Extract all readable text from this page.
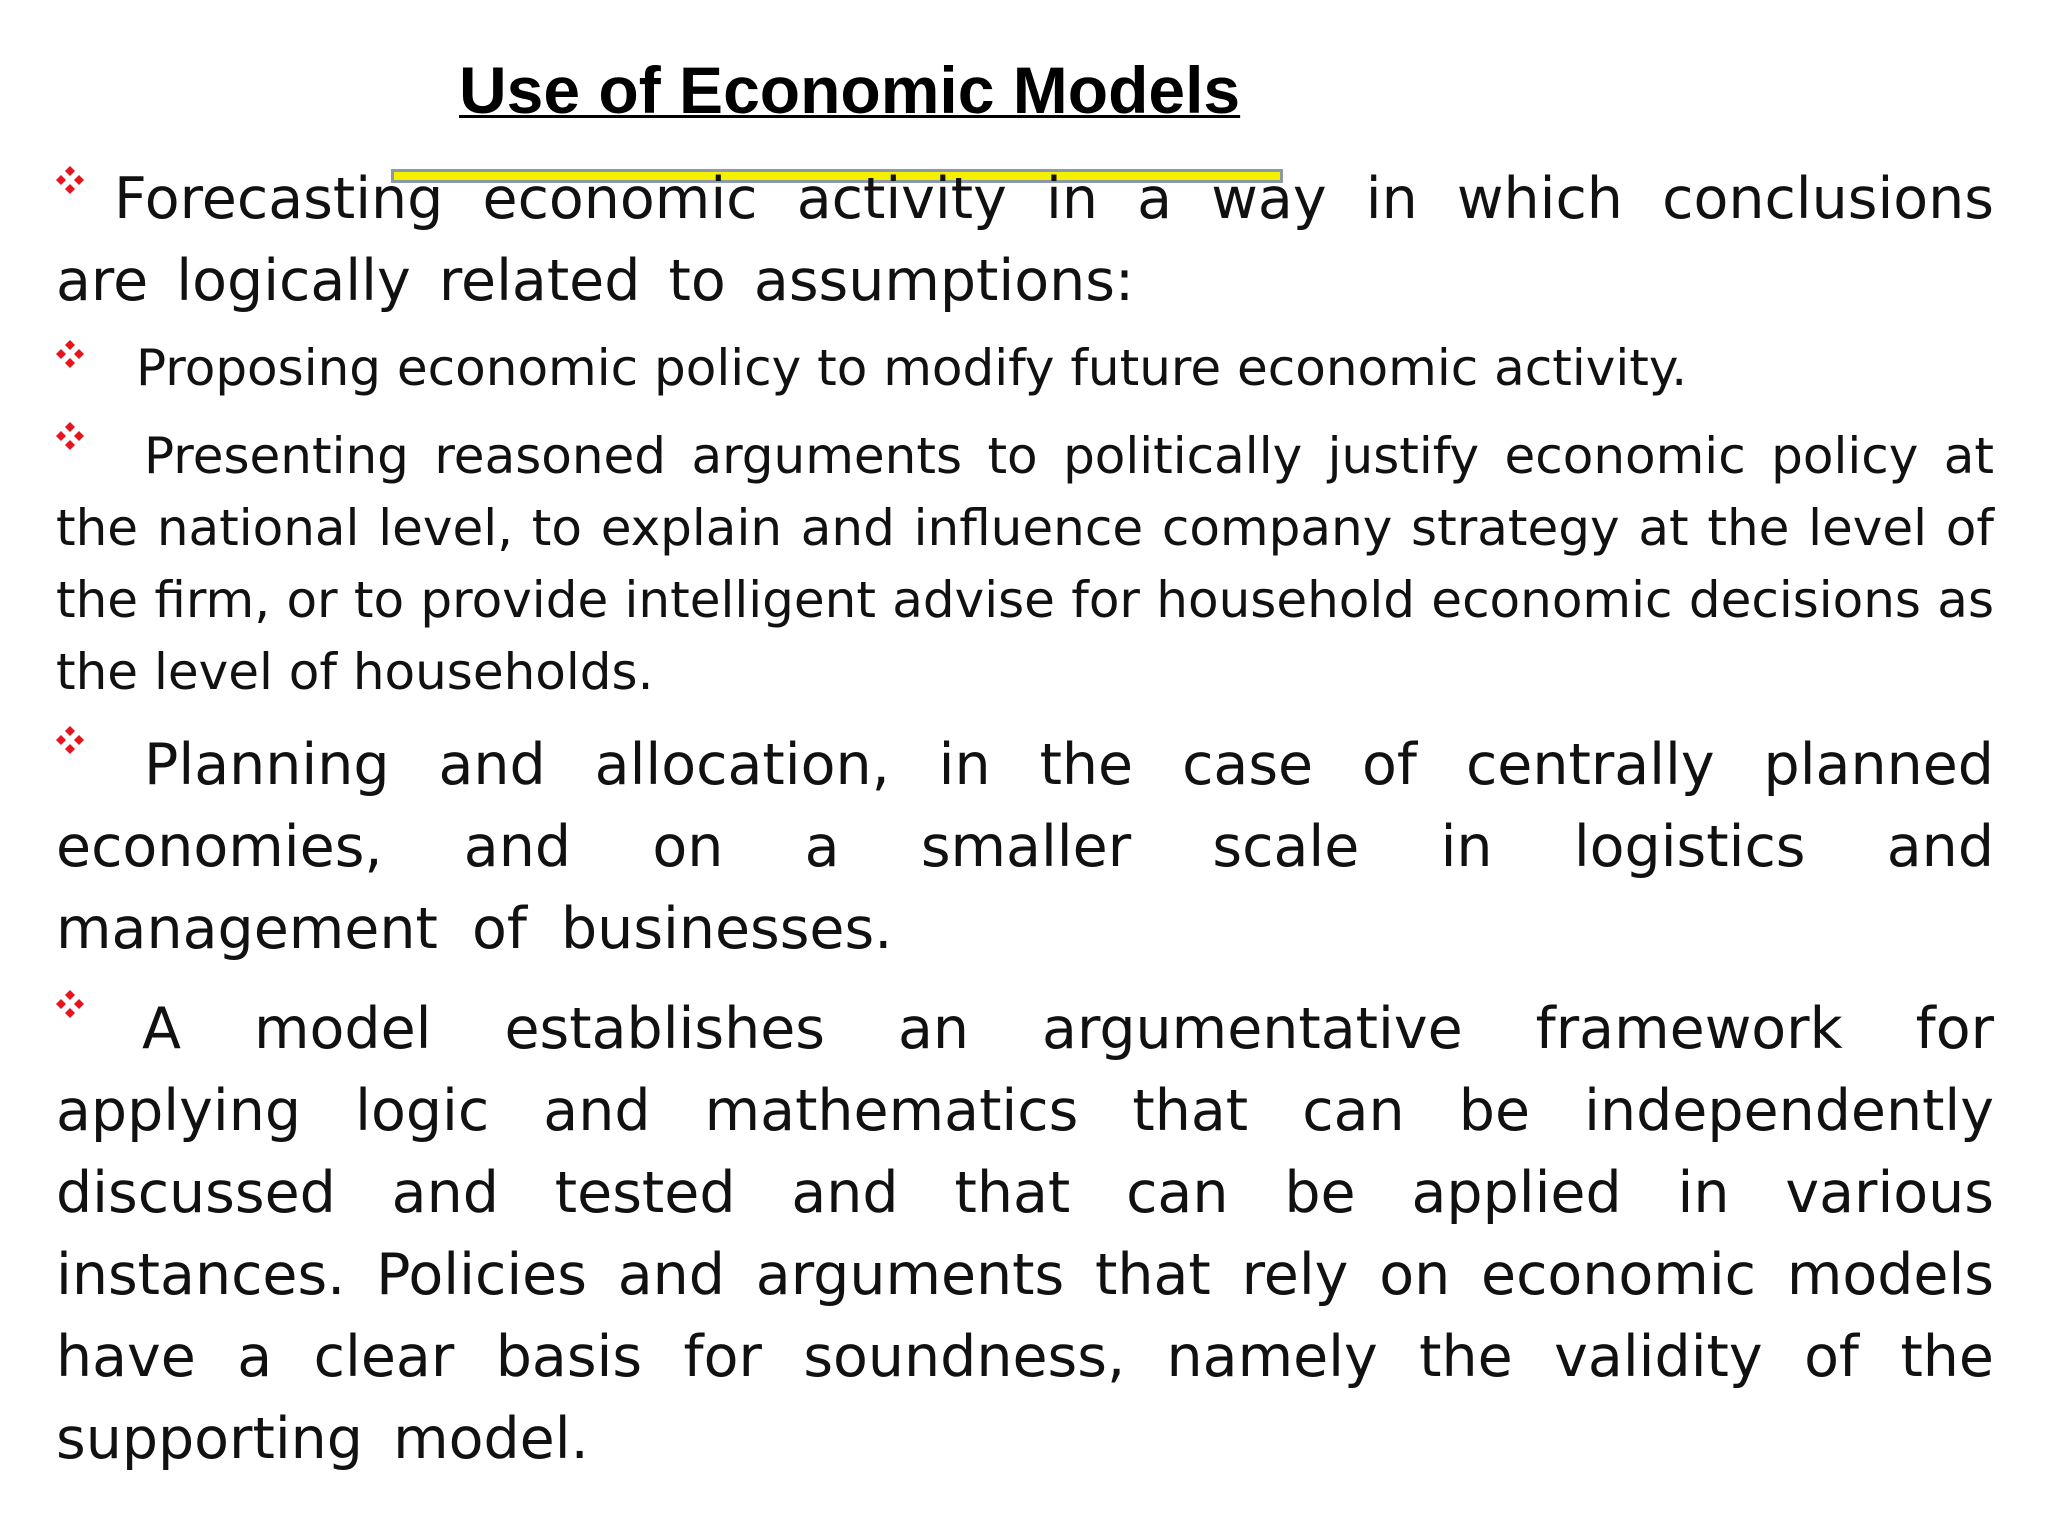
Use of Economic Models

Forecasting economic activity in a way in which conclusions are logically related to assumptions:

Proposing economic policy to modify future economic activity.

Presenting reasoned arguments to politically justify economic policy at the national level, to explain and influence company strategy at the level of the firm, or to provide intelligent advise for household economic decisions as the level of households.

Planning and allocation, in the case of centrally planned economies, and on a smaller scale in logistics and management of businesses.

A model establishes an argumentative framework for applying logic and mathematics that can be independently discussed and tested and that can be applied in various instances. Policies and arguments that rely on economic models have a clear basis for soundness, namely the validity of the supporting model.
